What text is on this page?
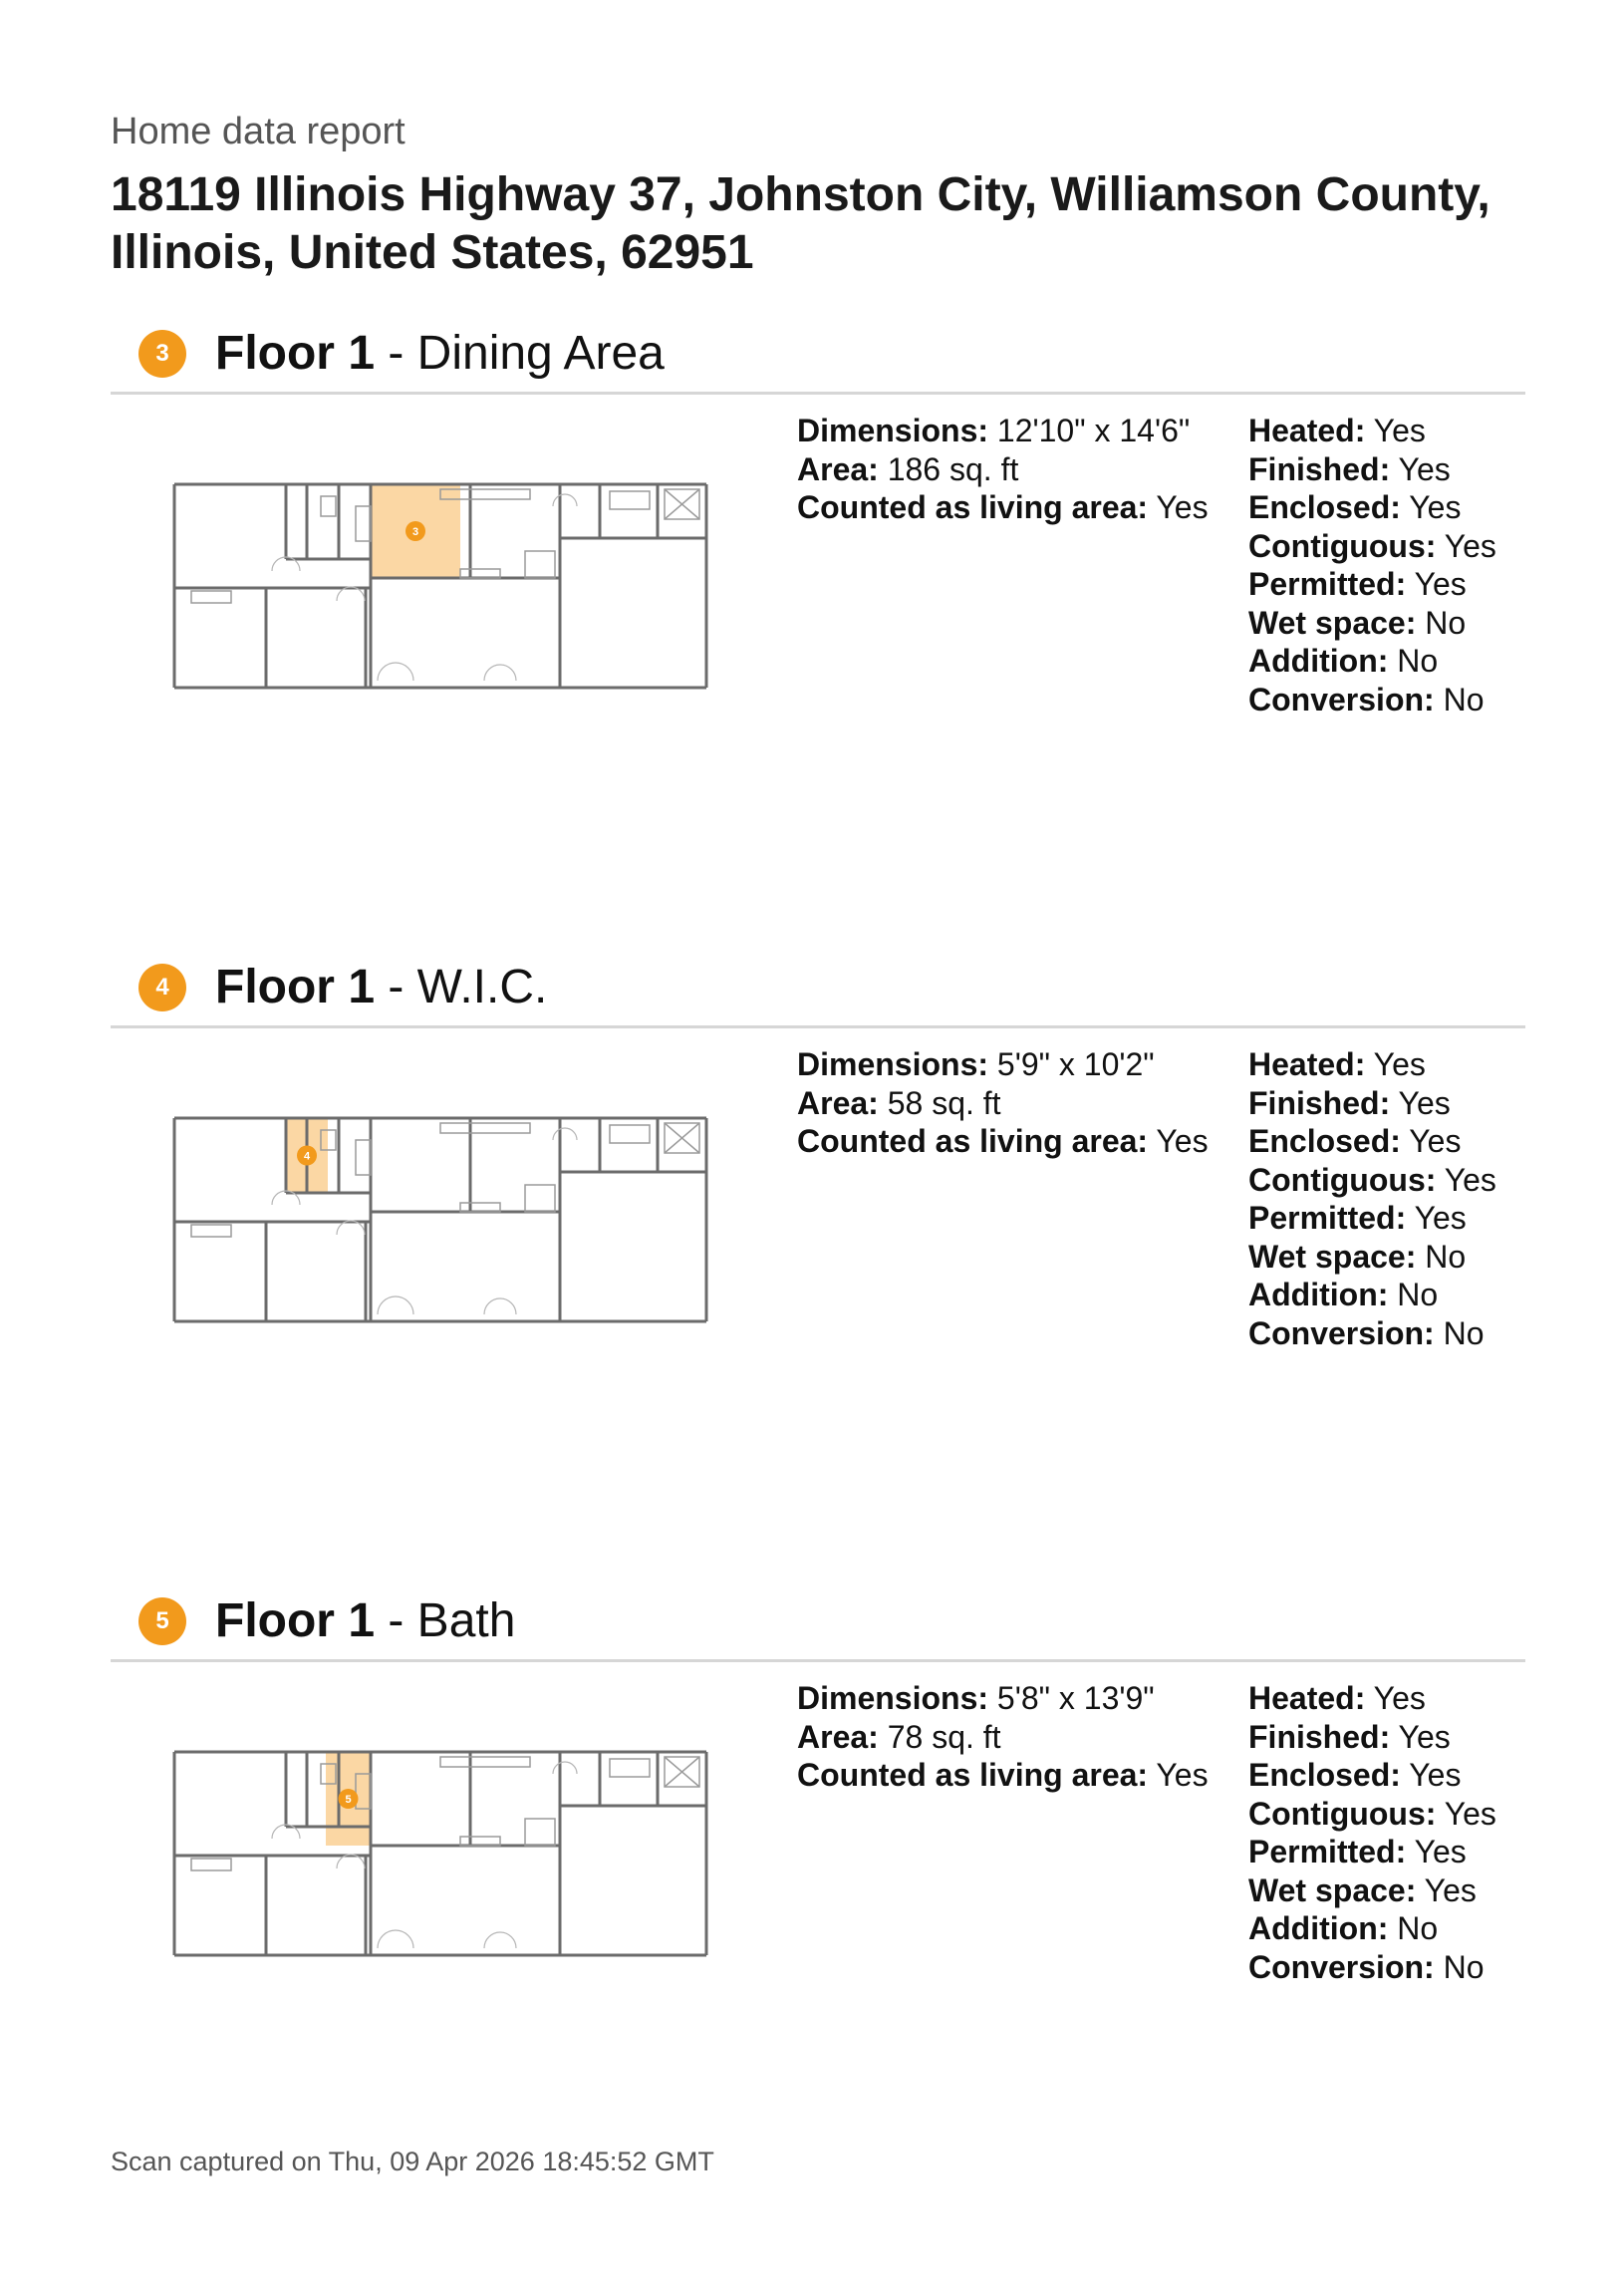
Home data report
18119 Illinois Highway 37, Johnston City, Williamson County, Illinois, United States, 62951
3 Floor 1 - Dining Area
3
Dimensions: 12'10" x 14'6"
Area: 186 sq. ft
Counted as living area: Yes
Heated: Yes
Finished: Yes
Enclosed: Yes
Contiguous: Yes
Permitted: Yes
Wet space: No
Addition: No
Conversion: No
4 Floor 1 - W.I.C.
4
Dimensions: 5'9" x 10'2"
Area: 58 sq. ft
Counted as living area: Yes
Heated: Yes
Finished: Yes
Enclosed: Yes
Contiguous: Yes
Permitted: Yes
Wet space: No
Addition: No
Conversion: No
5 Floor 1 - Bath
5
Dimensions: 5'8" x 13'9"
Area: 78 sq. ft
Counted as living area: Yes
Heated: Yes
Finished: Yes
Enclosed: Yes
Contiguous: Yes
Permitted: Yes
Wet space: Yes
Addition: No
Conversion: No
Scan captured on Thu, 09 Apr 2026 18:45:52 GMT
